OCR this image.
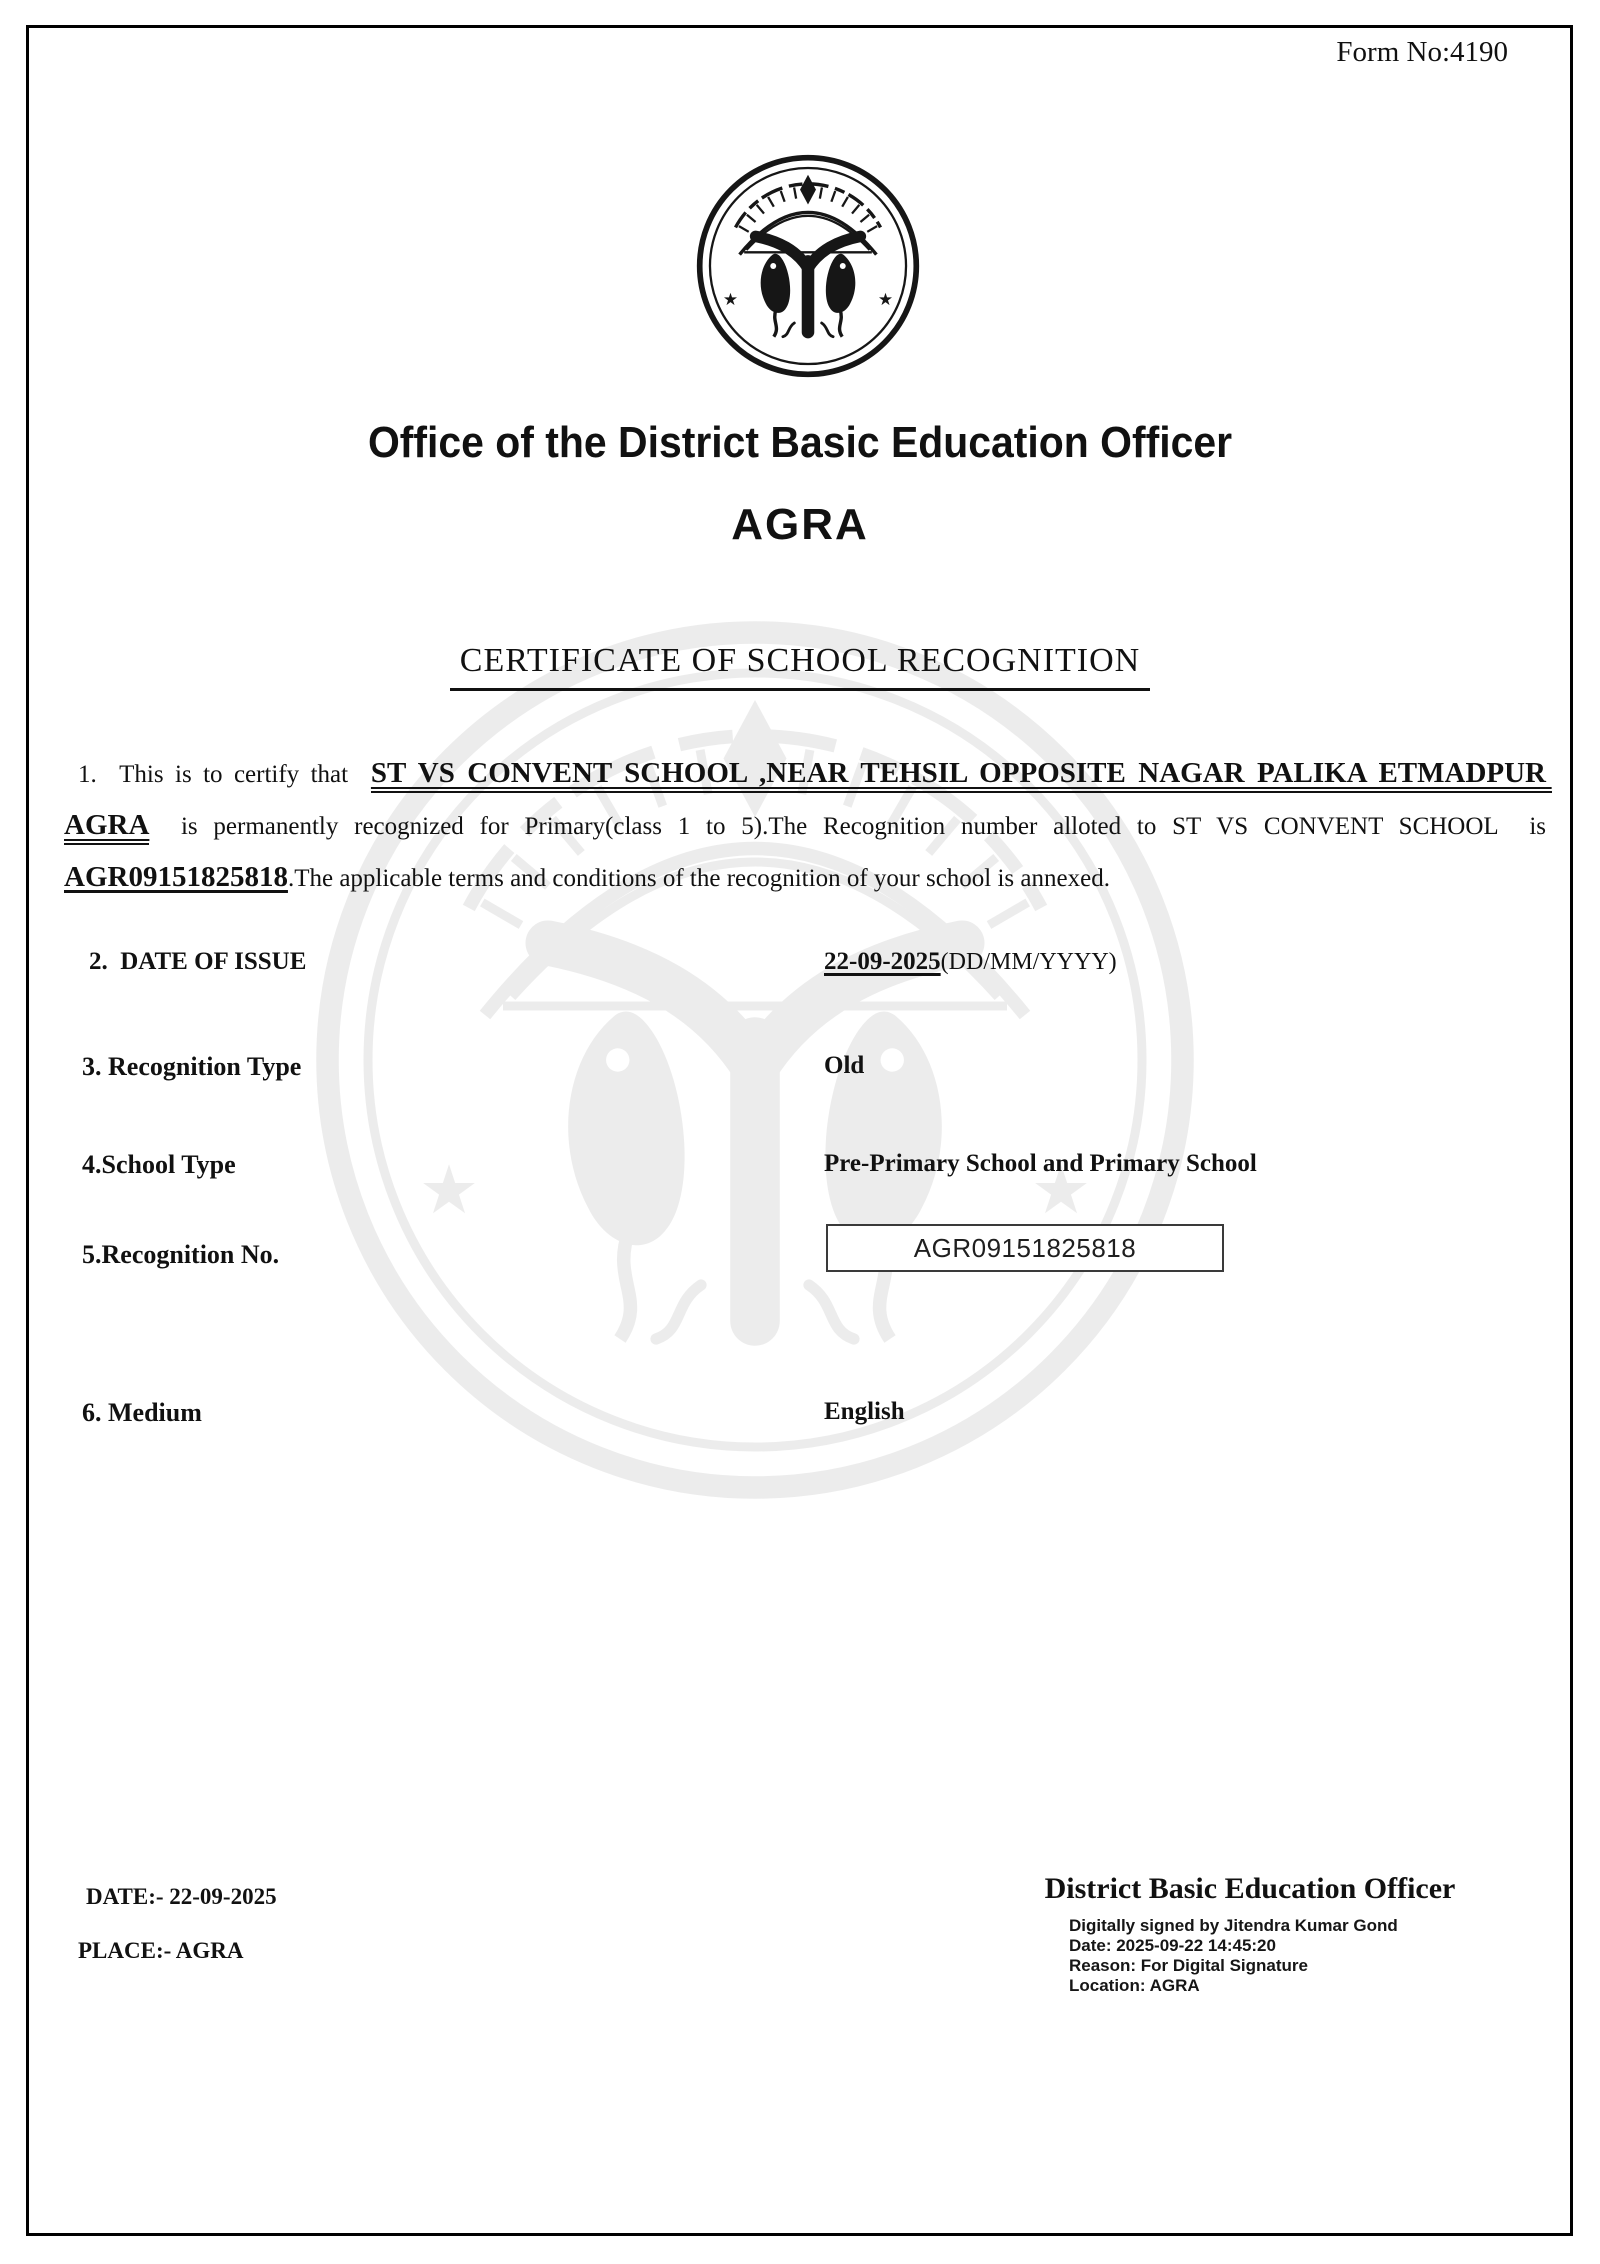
Form No:4190
Office of the District Basic Education Officer
AGRA
CERTIFICATE OF SCHOOL RECOGNITION
1.  This is to certify that  ST VS CONVENT SCHOOL ,NEAR TEHSIL OPPOSITE NAGAR PALIKA ETMADPUR AGRA  is permanently recognized for Primary(class 1 to 5).The Recognition number alloted to ST VS CONVENT SCHOOL  is  AGR09151825818.The applicable terms and conditions of the recognition of your school is annexed.
2.  DATE OF ISSUE	22-09-2025(DD/MM/YYYY)
3. Recognition Type	Old
4.School Type	Pre-Primary School and Primary School
5.Recognition No.	AGR09151825818
6. Medium	English
DATE:- 22-09-2025
PLACE:- AGRA
District Basic Education Officer
Digitally signed by Jitendra Kumar Gond
Date: 2025-09-22 14:45:20
Reason: For Digital Signature
Location: AGRA
